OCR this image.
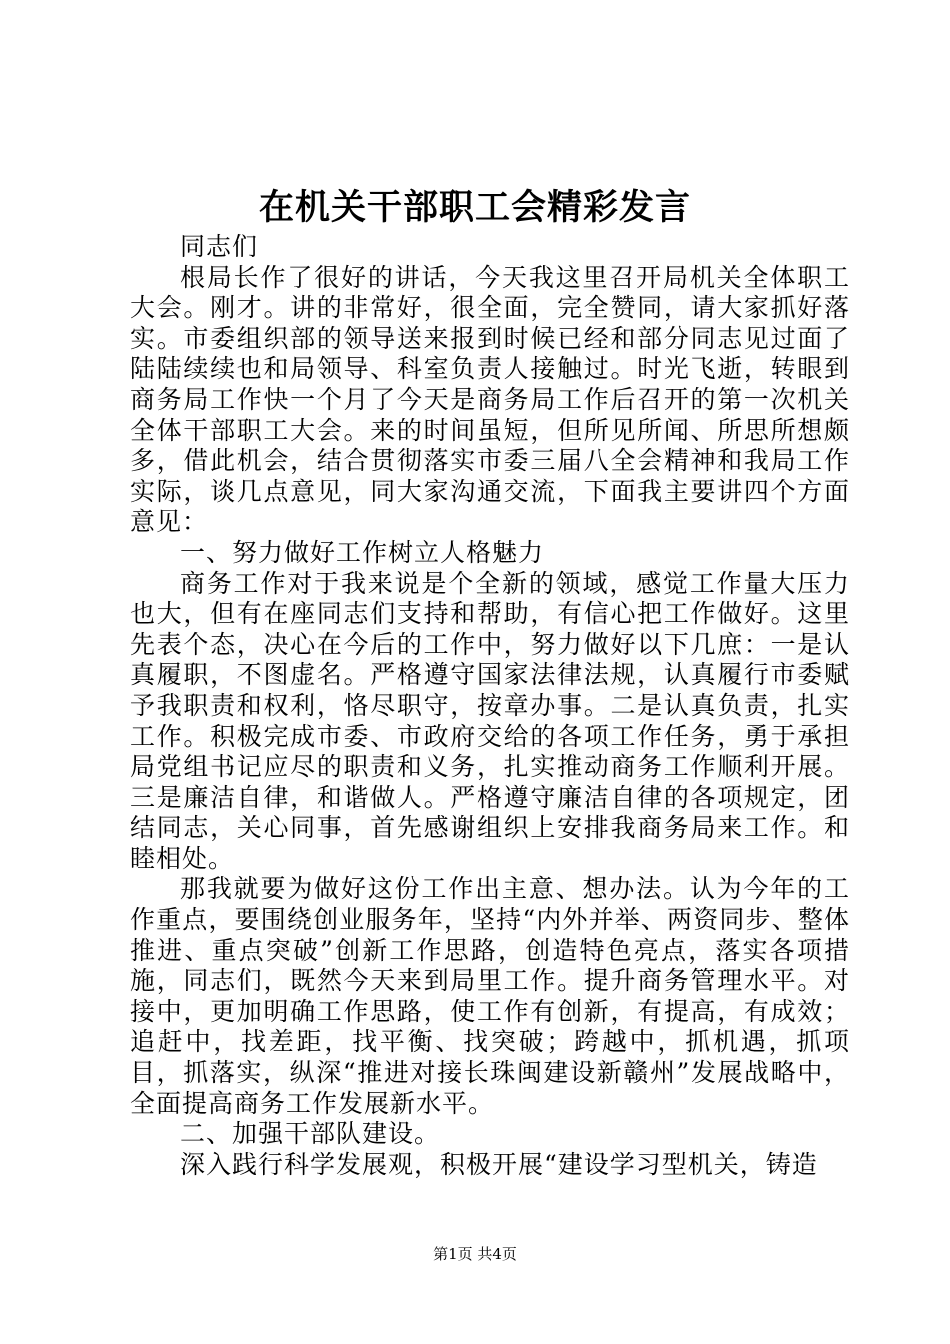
在机关干部职工会精彩发言

同志们

根局长作了很好的讲话，今天我这里召开局机关全体职工大会。刚才。讲的非常好，很全面，完全赞同，请大家抓好落实。市委组织部的领导送来报到时候已经和部分同志见过面了陆陆续续也和局领导、科室负责人接触过。时光飞逝，转眼到商务局工作快一个月了今天是商务局工作后召开的第一次机关全体干部职工大会。来的时间虽短，但所见所闻、所思所想颇多，借此机会，结合贯彻落实市委三届八全会精神和我局工作实际，谈几点意见，同大家沟通交流，下面我主要讲四个方面意见：

一、努力做好工作树立人格魅力

商务工作对于我来说是个全新的领域，感觉工作量大压力也大，但有在座同志们支持和帮助，有信心把工作做好。这里先表个态，决心在今后的工作中，努力做好以下几庶：一是认真履职，不图虚名。严格遵守国家法律法规，认真履行市委赋予我职责和权利，恪尽职守，按章办事。二是认真负责，扎实工作。积极完成市委、市政府交给的各项工作任务，勇于承担局党组书记应尽的职责和义务，扎实推动商务工作顺利开展。三是廉洁自律，和谐做人。严格遵守廉洁自律的各项规定，团结同志，关心同事，首先感谢组织上安排我商务局来工作。和睦相处。

那我就要为做好这份工作出主意、想办法。认为今年的工作重点，要围绕创业服务年，坚持“内外并举、两资同步、整体推进、重点突破”创新工作思路，创造特色亮点，落实各项措施，同志们，既然今天来到局里工作。提升商务管理水平。对接中，更加明确工作思路，使工作有创新，有提高，有成效；追赶中，找差距，找平衡、找突破；跨越中，抓机遇，抓项目，抓落实，纵深“推进对接长珠闽建设新赣州”发展战略中，全面提高商务工作发展新水平。

二、加强干部队建设。

深入践行科学发展观，积极开展“建设学习型机关，铸造

第1页 共4页
